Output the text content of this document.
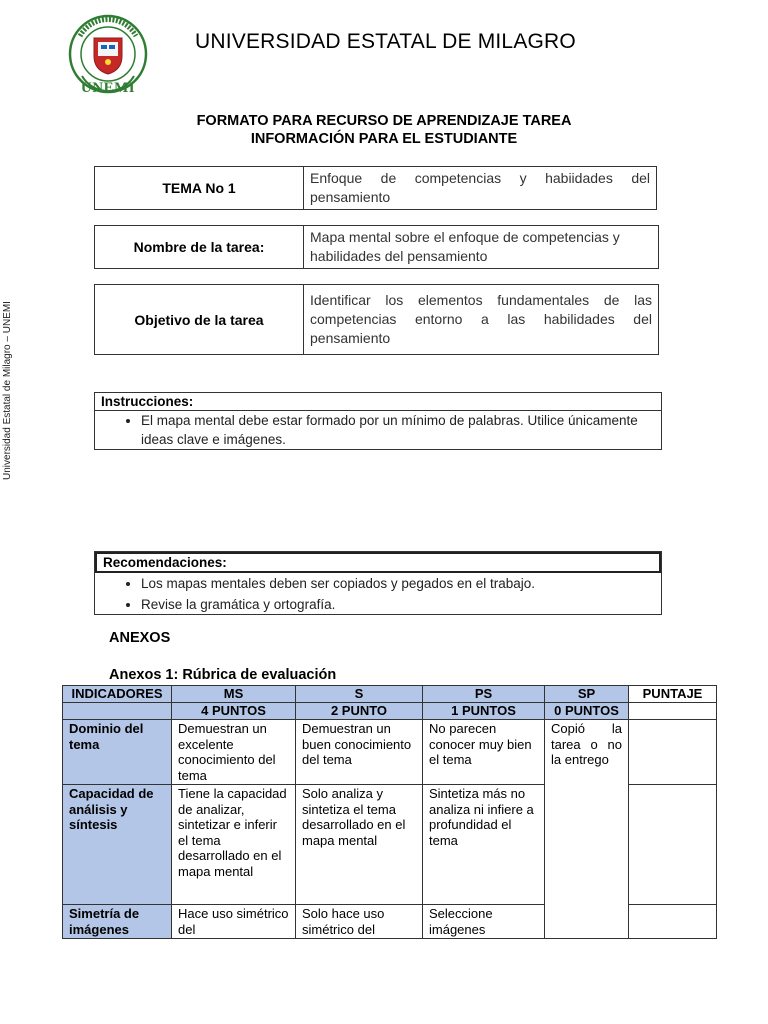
UNEMI
UNIVERSIDAD ESTATAL DE MILAGRO
Universidad Estatal de Milagro – UNEMI
FORMATO PARA RECURSO DE APRENDIZAJE TAREA
INFORMACIÓN PARA EL ESTUDIANTE
TEMA No 1	Enfoque de competencias y habiidades del pensamiento
Nombre de la tarea:	Mapa mental sobre el enfoque de competencias y habilidades del pensamiento
Objetivo de la tarea	Identificar los elementos fundamentales de las competencias entorno a las habilidades del pensamiento
Instrucciones:
• El mapa mental debe estar formado por un mínimo de palabras. Utilice únicamente ideas clave e imágenes.
Recomendaciones:
• Los mapas mentales deben ser copiados y pegados en el trabajo.
• Revise la gramática y ortografía.
ANEXOS
Anexos 1: Rúbrica de evaluación
INDICADORES	MS	S	PS	SP	PUNTAJE
	4 PUNTOS	2 PUNTO	1 PUNTOS	0 PUNTOS	
Dominio del tema	Demuestran un excelente conocimiento del tema	Demuestran un buen conocimiento del tema	No parecen conocer muy bien el tema	Copió la tarea o no la entrego	
Capacidad de análisis y síntesis	Tiene la capacidad de analizar, sintetizar e inferir el tema desarrollado en el mapa mental	Solo analiza y sintetiza el tema desarrollado en el mapa mental	Sintetiza más no analiza ni infiere a profundidad el tema		
Simetría de imágenes	Hace uso simétrico del	Solo hace uso simétrico del	Seleccione imágenes		
